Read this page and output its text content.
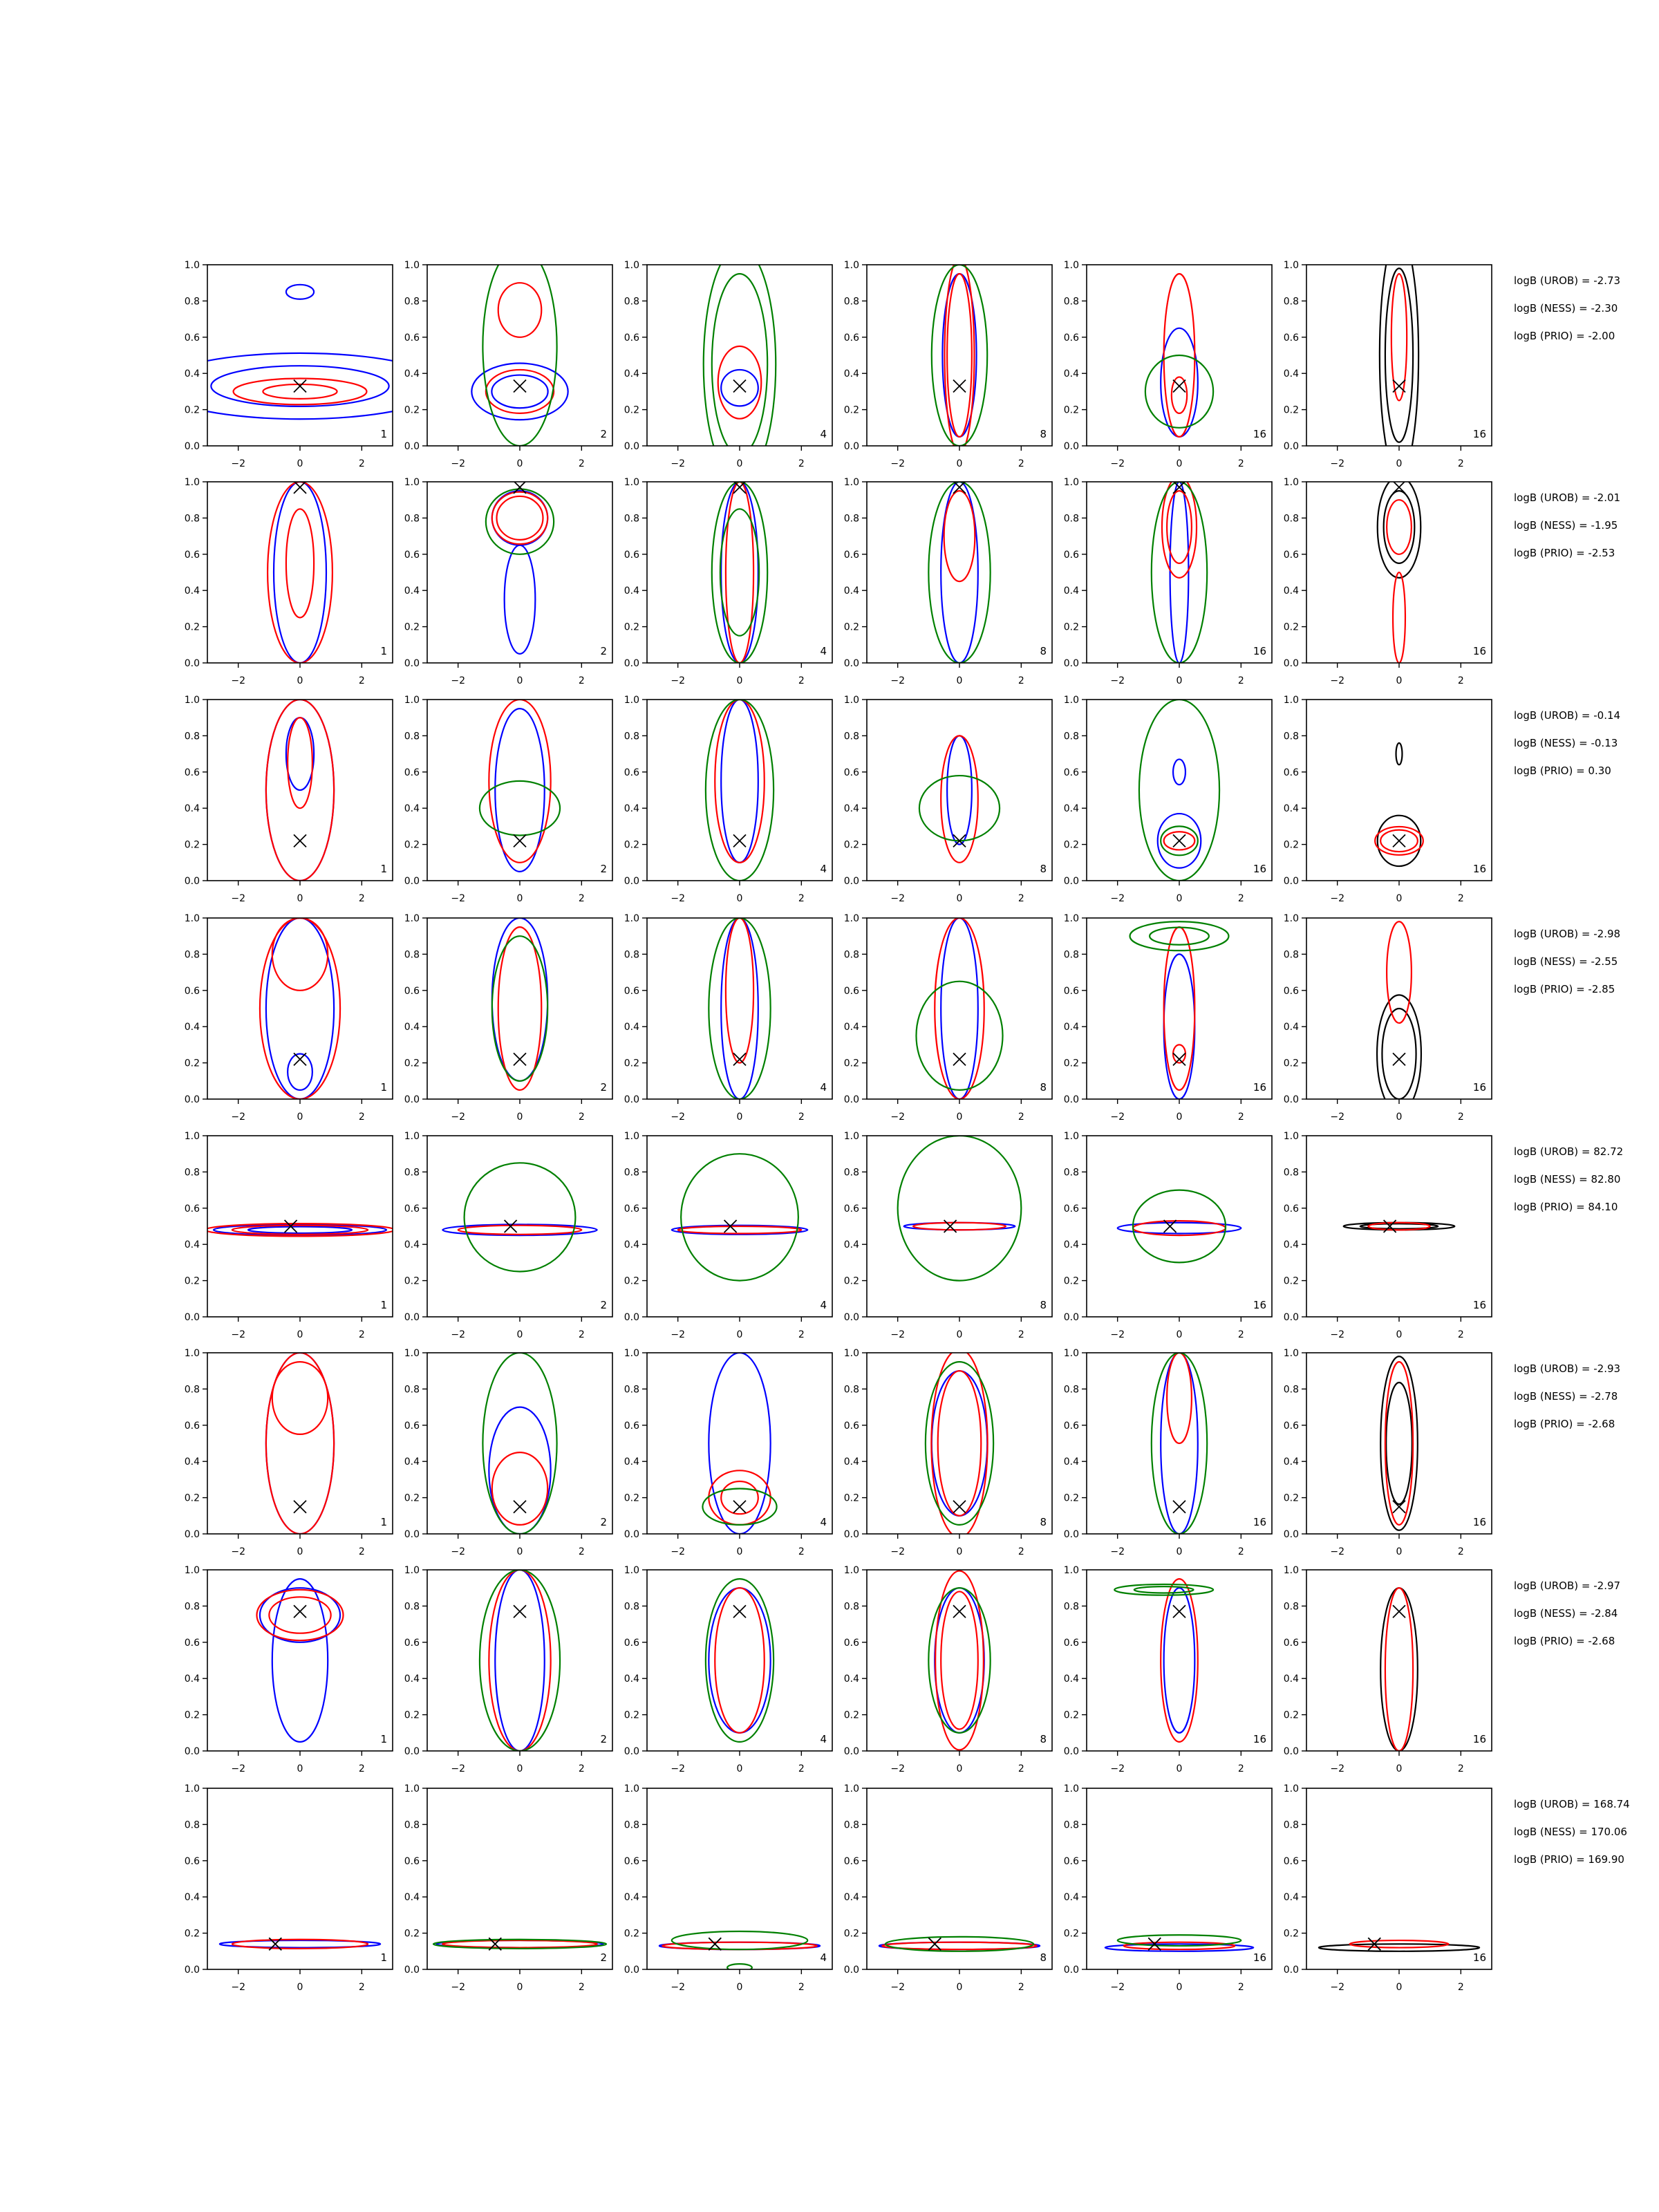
−2	0	2
0.0
0.2
0.4
0.6
0.8
1.0
1
−2	0	2
0.0
0.2
0.4
0.6
0.8
1.0
2
−2	0	2
0.0
0.2
0.4
0.6
0.8
1.0
4
−2	0	2
0.0
0.2
0.4
0.6
0.8
1.0
8
−2	0	2
0.0
0.2
0.4
0.6
0.8
1.0
16
−2	0	2
0.0
0.2
0.4
0.6
0.8
1.0
16
−2	0	2
0.0
0.2
0.4
0.6
0.8
1.0
1
−2	0	2
0.0
0.2
0.4
0.6
0.8
1.0
2
−2	0	2
0.0
0.2
0.4
0.6
0.8
1.0
4
−2	0	2
0.0
0.2
0.4
0.6
0.8
1.0
8
−2	0	2
0.0
0.2
0.4
0.6
0.8
1.0
16
−2	0	2
0.0
0.2
0.4
0.6
0.8
1.0
16
−2	0	2
0.0
0.2
0.4
0.6
0.8
1.0
1
−2	0	2
0.0
0.2
0.4
0.6
0.8
1.0
2
−2	0	2
0.0
0.2
0.4
0.6
0.8
1.0
4
−2	0	2
0.0
0.2
0.4
0.6
0.8
1.0
8
−2	0	2
0.0
0.2
0.4
0.6
0.8
1.0
16
−2	0	2
0.0
0.2
0.4
0.6
0.8
1.0
16
−2	0	2
0.0
0.2
0.4
0.6
0.8
1.0
1
−2	0	2
0.0
0.2
0.4
0.6
0.8
1.0
2
−2	0	2
0.0
0.2
0.4
0.6
0.8
1.0
4
−2	0	2
0.0
0.2
0.4
0.6
0.8
1.0
8
−2	0	2
0.0
0.2
0.4
0.6
0.8
1.0
16
−2	0	2
0.0
0.2
0.4
0.6
0.8
1.0
16
−2	0	2
0.0
0.2
0.4
0.6
0.8
1.0
1
−2	0	2
0.0
0.2
0.4
0.6
0.8
1.0
2
−2	0	2
0.0
0.2
0.4
0.6
0.8
1.0
4
−2	0	2
0.0
0.2
0.4
0.6
0.8
1.0
8
−2	0	2
0.0
0.2
0.4
0.6
0.8
1.0
16
−2	0	2
0.0
0.2
0.4
0.6
0.8
1.0
16
−2	0	2
0.0
0.2
0.4
0.6
0.8
1.0
1
−2	0	2
0.0
0.2
0.4
0.6
0.8
1.0
2
−2	0	2
0.0
0.2
0.4
0.6
0.8
1.0
4
−2	0	2
0.0
0.2
0.4
0.6
0.8
1.0
8
−2	0	2
0.0
0.2
0.4
0.6
0.8
1.0
16
−2	0	2
0.0
0.2
0.4
0.6
0.8
1.0
16
−2	0	2
0.0
0.2
0.4
0.6
0.8
1.0
1
−2	0	2
0.0
0.2
0.4
0.6
0.8
1.0
2
−2	0	2
0.0
0.2
0.4
0.6
0.8
1.0
4
−2	0	2
0.0
0.2
0.4
0.6
0.8
1.0
8
−2	0	2
0.0
0.2
0.4
0.6
0.8
1.0
16
−2	0	2
0.0
0.2
0.4
0.6
0.8
1.0
16
−2	0	2
0.0
0.2
0.4
0.6
0.8
1.0
1
−2	0	2
0.0
0.2
0.4
0.6
0.8
1.0
2
−2	0	2
0.0
0.2
0.4
0.6
0.8
1.0
4
−2	0	2
0.0
0.2
0.4
0.6
0.8
1.0
8
−2	0	2
0.0
0.2
0.4
0.6
0.8
1.0
16
−2	0	2
0.0
0.2
0.4
0.6
0.8
1.0
16
logB (UROB) = -2.73
logB (NESS) = -2.30
logB (PRIO) = -2.00
logB (UROB) = -2.01
logB (NESS) = -1.95
logB (PRIO) = -2.53
logB (UROB) = -0.14
logB (NESS) = -0.13
logB (PRIO) = 0.30
logB (UROB) = -2.98
logB (NESS) = -2.55
logB (PRIO) = -2.85
logB (UROB) = 82.72
logB (NESS) = 82.80
logB (PRIO) = 84.10
logB (UROB) = -2.93
logB (NESS) = -2.78
logB (PRIO) = -2.68
logB (UROB) = -2.97
logB (NESS) = -2.84
logB (PRIO) = -2.68
logB (UROB) = 168.74
logB (NESS) = 170.06
logB (PRIO) = 169.90
